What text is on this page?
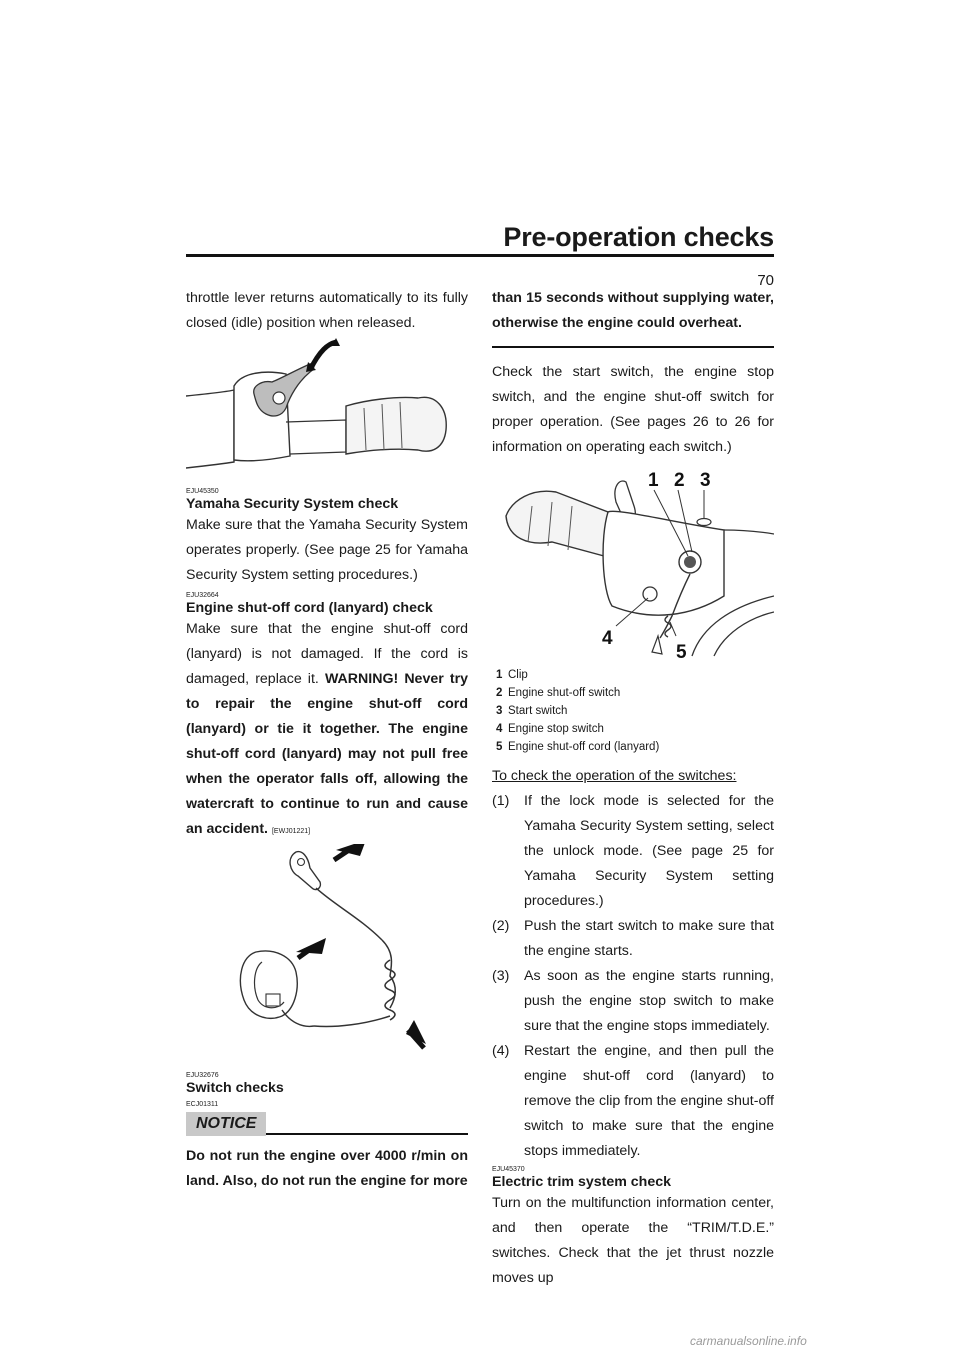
Pre-operation checks
70

throttle lever returns automatically to its fully closed (idle) position when released.

EJU45350
Yamaha Security System check

Make sure that the Yamaha Security System operates properly. (See page 25 for Yamaha Security System setting procedures.)

EJU32664
Engine shut-off cord (lanyard) check

Make sure that the engine shut-off cord (lanyard) is not damaged. If the cord is damaged, replace it. WARNING! Never try to repair the engine shut-off cord (lanyard) or tie it together. The engine shut-off cord (lanyard) may not pull free when the operator falls off, allowing the watercraft to continue to run and cause an accident. [EWJ01221]

EJU32676
Switch checks
ECJ01311
NOTICE

Do not run the engine over 4000 r/min on land. Also, do not run the engine for more

than 15 seconds without supplying water, otherwise the engine could overheat.

Check the start switch, the engine stop switch, and the engine shut-off switch for proper operation. (See pages 26 to 26 for information on operating each switch.)

1 2 3
4
5
1 Clip
2 Engine shut-off switch
3 Start switch
4 Engine stop switch
5 Engine shut-off cord (lanyard)

To check the operation of the switches:

(1)	If the lock mode is selected for the Yamaha Security System setting, select the unlock mode. (See page 25 for Yamaha Security System setting procedures.)
(2)	Push the start switch to make sure that the engine starts.
(3)	As soon as the engine starts running, push the engine stop switch to make sure that the engine stops immediately.
(4)	Restart the engine, and then pull the engine shut-off cord (lanyard) to remove the clip from the engine shut-off switch to make sure that the engine stops immediately.
EJU45370
Electric trim system check

Turn on the multifunction information center, and then operate the “TRIM/T.D.E.” switches. Check that the jet thrust nozzle moves up

carmanualsonline.info
